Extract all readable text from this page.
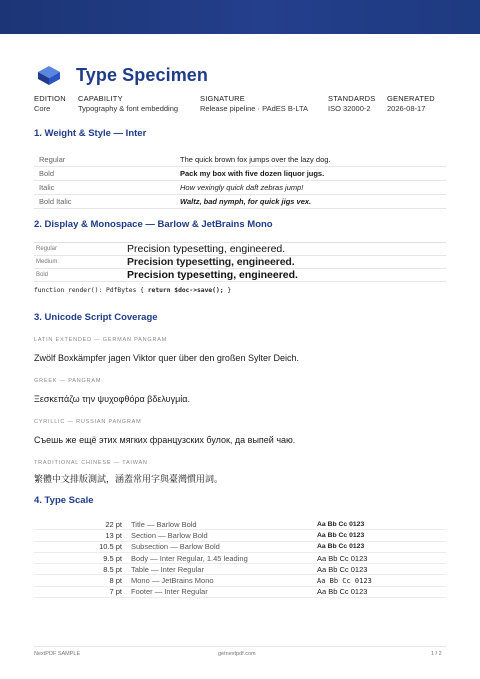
Type Specimen
EDITION
Core
CAPABILITY
Typography & font embedding
SIGNATURE
Release pipeline · PAdES B-LTA
STANDARDS
ISO 32000-2
GENERATED
2026-08-17
1. Weight & Style — Inter
Regular	The quick brown fox jumps over the lazy dog.
Bold	Pack my box with five dozen liquor jugs.
Italic	How vexingly quick daft zebras jump!
Bold Italic	Waltz, bad nymph, for quick jigs vex.
2. Display & Monospace — Barlow & JetBrains Mono
Regular	Precision typesetting, engineered.
Medium	Precision typesetting, engineered.
Bold	Precision typesetting, engineered.
function render(): PdfBytes { return $doc->save(); }
3. Unicode Script Coverage
LATIN EXTENDED — GERMAN PANGRAM
Zwölf Boxkämpfer jagen Viktor quer über den großen Sylter Deich.
GREEK — PANGRAM
Ξεσκεπάζω την ψυχοφθόρα βδελυγμία.
CYRILLIC — RUSSIAN PANGRAM
Съешь же ещё этих мягких французских булок, да выпей чаю.
TRADITIONAL CHINESE — TAIWAN
繁體中文排版測試，涵蓋常用字與臺灣慣用詞。
4. Type Scale
22 pt	Title — Barlow Bold	Aa Bb Cc 0123
13 pt	Section — Barlow Bold	Aa Bb Cc 0123
10.5 pt	Subsection — Barlow Bold	Aa Bb Cc 0123
9.5 pt	Body — Inter Regular, 1.45 leading	Aa Bb Cc 0123
8.5 pt	Table — Inter Regular	Aa Bb Cc 0123
8 pt	Mono — JetBrains Mono	Aa Bb Cc 0123
7 pt	Footer — Inter Regular	Aa Bb Cc 0123
NextPDF SAMPLE	getnextpdf.com	1 / 2
